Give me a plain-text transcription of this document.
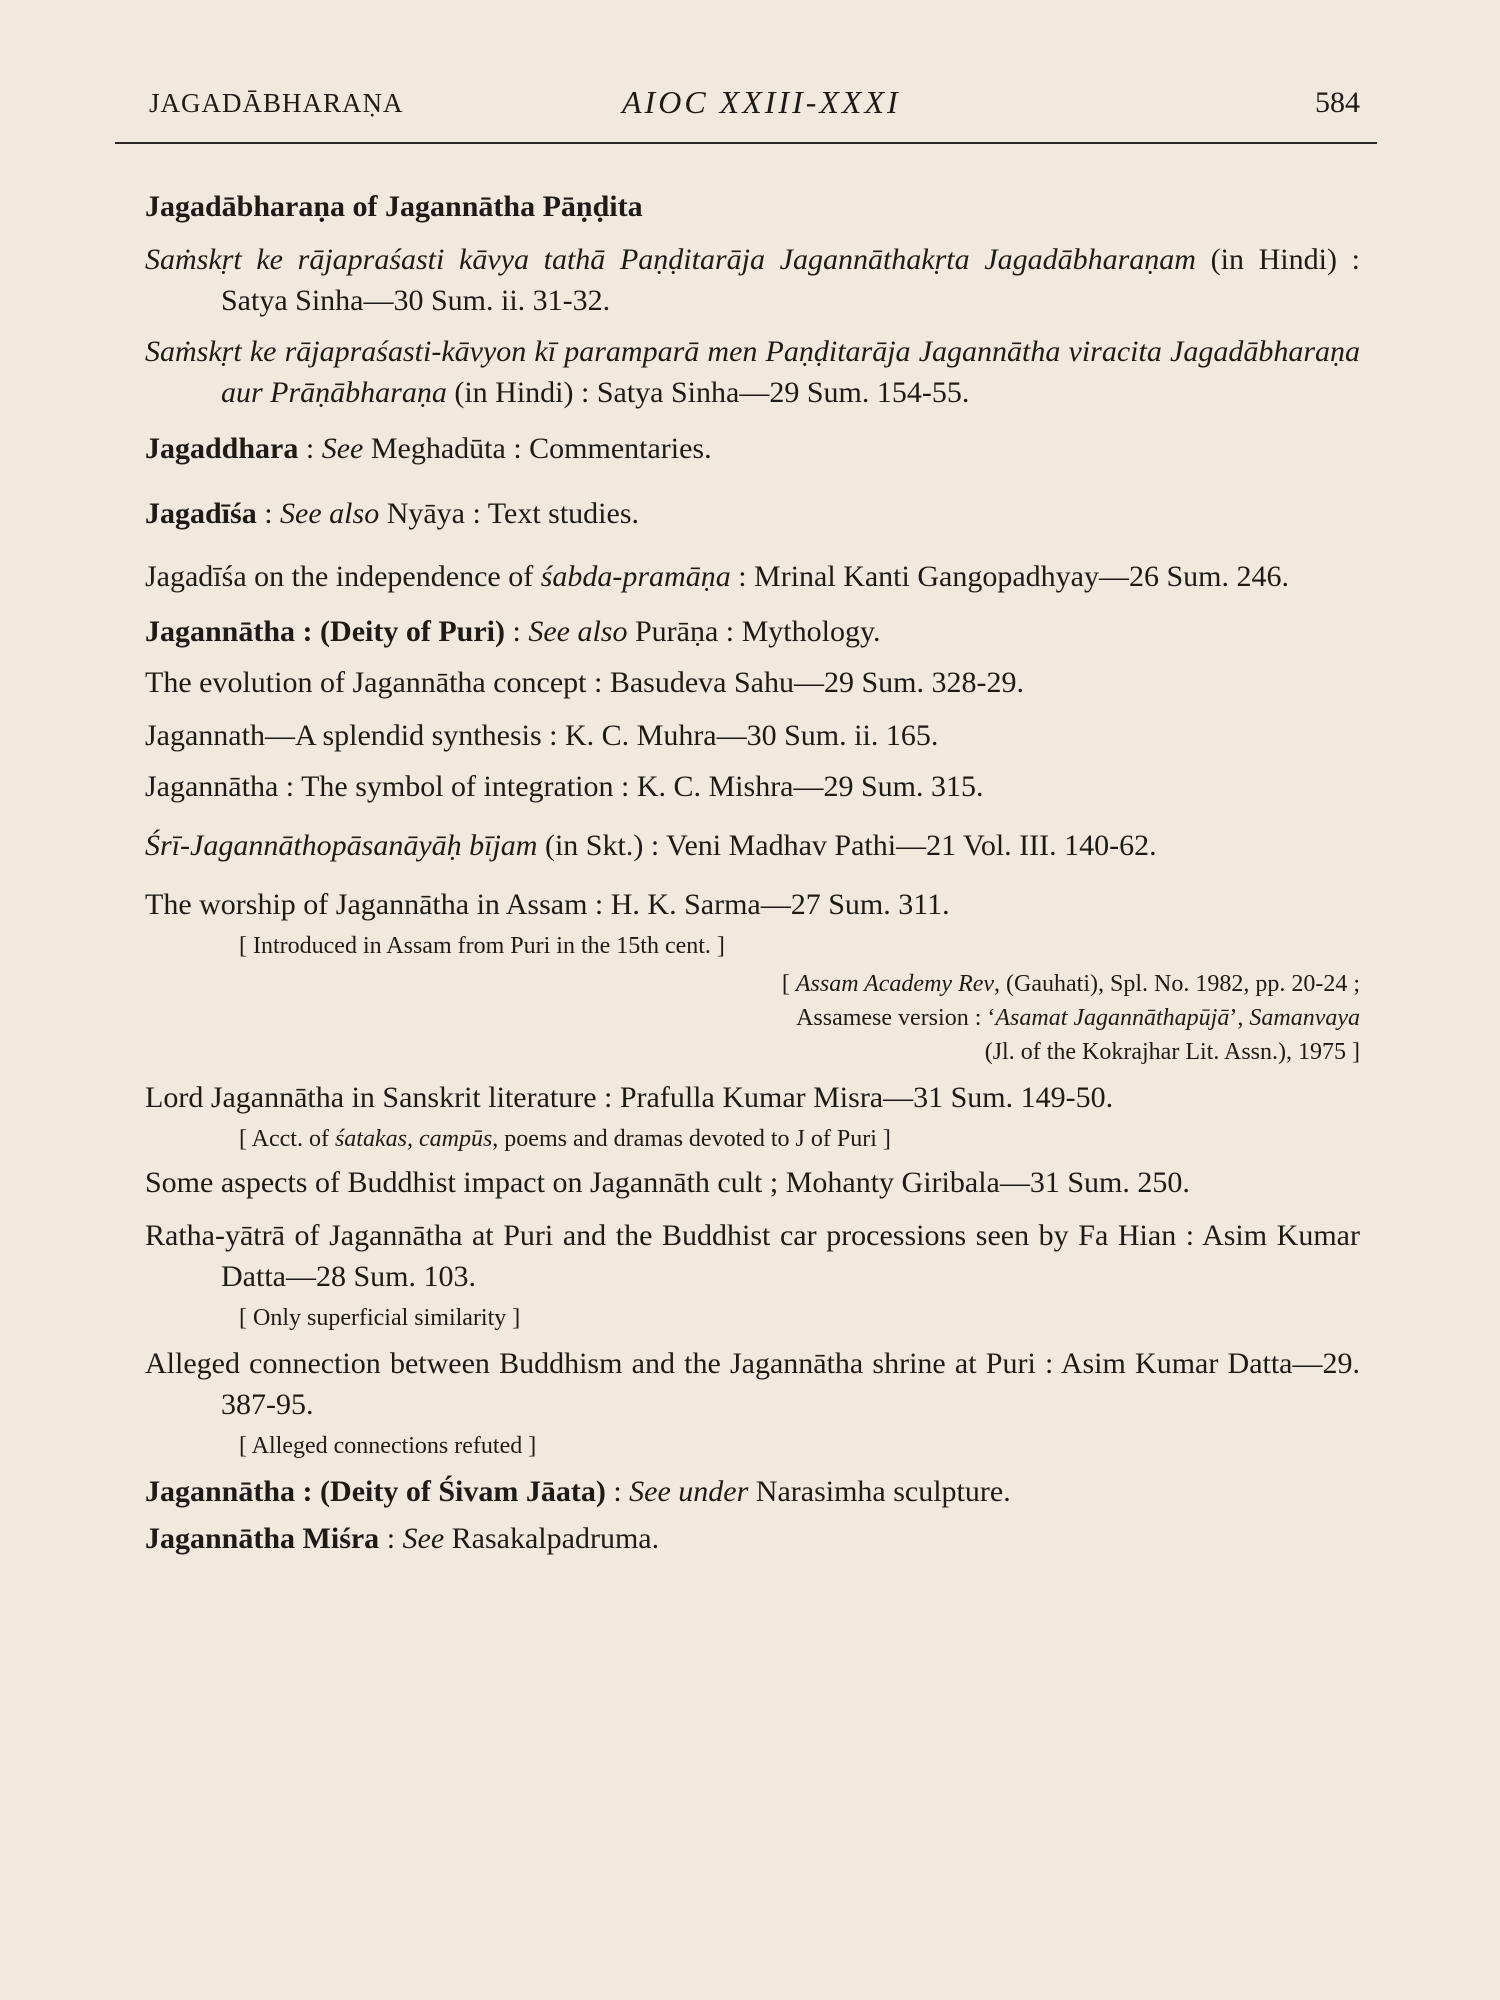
JAGADĀBHARAṆA	AIOC XXIII-XXXI	584

Jagadābharaṇa of Jagannātha Pāṇḍita

Saṁskṛt ke rājapraśasti kāvya tathā Paṇḍitarāja Jagannāthakṛta Jagadābharaṇam (in Hindi) : Satya Sinha—30 Sum. ii. 31-32.

Saṁskṛt ke rājapraśasti-kāvyon kī paramparā men Paṇḍitarāja Jagannātha viracita Jagadābharaṇa aur Prāṇābharaṇa (in Hindi) : Satya Sinha—29 Sum. 154-55.

Jagaddhara : See Meghadūta : Commentaries.

Jagadīśa : See also Nyāya : Text studies.

Jagadīśa on the independence of śabda-pramāṇa : Mrinal Kanti Gangopadhyay—26 Sum. 246.

Jagannātha : (Deity of Puri) : See also Purāṇa : Mythology.

The evolution of Jagannātha concept : Basudeva Sahu—29 Sum. 328-29.

Jagannath—A splendid synthesis : K. C. Muhra—30 Sum. ii. 165.

Jagannātha : The symbol of integration : K. C. Mishra—29 Sum. 315.

Śrī-Jagannāthopāsanāyāḥ bījam (in Skt.) : Veni Madhav Pathi—21 Vol. III. 140-62.

The worship of Jagannātha in Assam : H. K. Sarma—27 Sum. 311.

[ Introduced in Assam from Puri in the 15th cent. ]

[ Assam Academy Rev, (Gauhati), Spl. No. 1982, pp. 20-24 ;

Assamese version : ‘Asamat Jagannāthapūjā’, Samanvaya

(Jl. of the Kokrajhar Lit. Assn.), 1975 ]

Lord Jagannātha in Sanskrit literature : Prafulla Kumar Misra—31 Sum. 149-50.

[ Acct. of śatakas, campūs, poems and dramas devoted to J of Puri ]

Some aspects of Buddhist impact on Jagannāth cult ; Mohanty Giribala—31 Sum. 250.

Ratha-yātrā of Jagannātha at Puri and the Buddhist car processions seen by Fa Hian : Asim Kumar Datta—28 Sum. 103.

[ Only superficial similarity ]

Alleged connection between Buddhism and the Jagannātha shrine at Puri : Asim Kumar Datta—29. 387-95.

[ Alleged connections refuted ]

Jagannātha : (Deity of Śivam Jāata) : See under Narasimha sculpture.

Jagannātha Miśra : See Rasakalpadruma.
